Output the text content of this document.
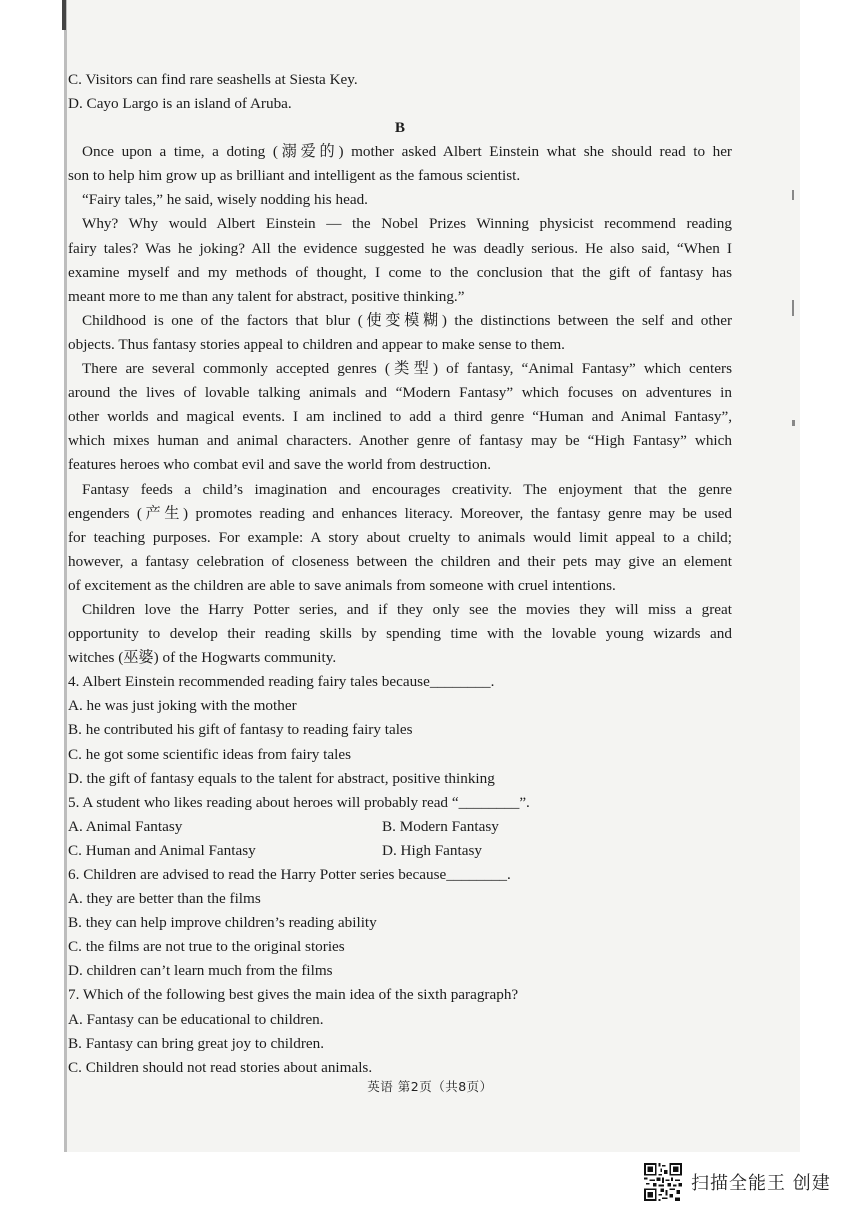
C. Visitors can find rare seashells at Siesta Key.
D. Cayo Largo is an island of Aruba.
B
Once upon a time, a doting (溺爱的) mother asked Albert Einstein what she should read to her
son to help him grow up as brilliant and intelligent as the famous scientist.
“Fairy tales,” he said, wisely nodding his head.
Why? Why would Albert Einstein — the Nobel Prizes Winning physicist recommend reading
fairy tales? Was he joking? All the evidence suggested he was deadly serious. He also said, “When I
examine myself and my methods of thought, I come to the conclusion that the gift of fantasy has
meant more to me than any talent for abstract, positive thinking.”
Childhood is one of the factors that blur (使变模糊) the distinctions between the self and other
objects. Thus fantasy stories appeal to children and appear to make sense to them.
There are several commonly accepted genres (类型) of fantasy, “Animal Fantasy” which centers
around the lives of lovable talking animals and “Modern Fantasy” which focuses on adventures in
other worlds and magical events. I am inclined to add a third genre “Human and Animal Fantasy”,
which mixes human and animal characters. Another genre of fantasy may be “High Fantasy” which
features heroes who combat evil and save the world from destruction.
Fantasy feeds a child’s imagination and encourages creativity. The enjoyment that the genre
engenders (产生) promotes reading and enhances literacy. Moreover, the fantasy genre may be used
for teaching purposes. For example: A story about cruelty to animals would limit appeal to a child;
however, a fantasy celebration of closeness between the children and their pets may give an element
of excitement as the children are able to save animals from someone with cruel intentions.
Children love the Harry Potter series, and if they only see the movies they will miss a great
opportunity to develop their reading skills by spending time with the lovable young wizards and
witches (巫婆) of the Hogwarts community.
4. Albert Einstein recommended reading fairy tales because________.
A. he was just joking with the mother
B. he contributed his gift of fantasy to reading fairy tales
C. he got some scientific ideas from fairy tales
D. the gift of fantasy equals to the talent for abstract, positive thinking
5. A student who likes reading about heroes will probably read “________”.
A. Animal Fantasy	B. Modern Fantasy
C. Human and Animal Fantasy	D. High Fantasy
6. Children are advised to read the Harry Potter series because________.
A. they are better than the films
B. they can help improve children’s reading ability
C. the films are not true to the original stories
D. children can’t learn much from the films
7. Which of the following best gives the main idea of the sixth paragraph?
A. Fantasy can be educational to children.
B. Fantasy can bring great joy to children.
C. Children should not read stories about animals.
英语 第2页（共8页）
扫描全能王 创建
